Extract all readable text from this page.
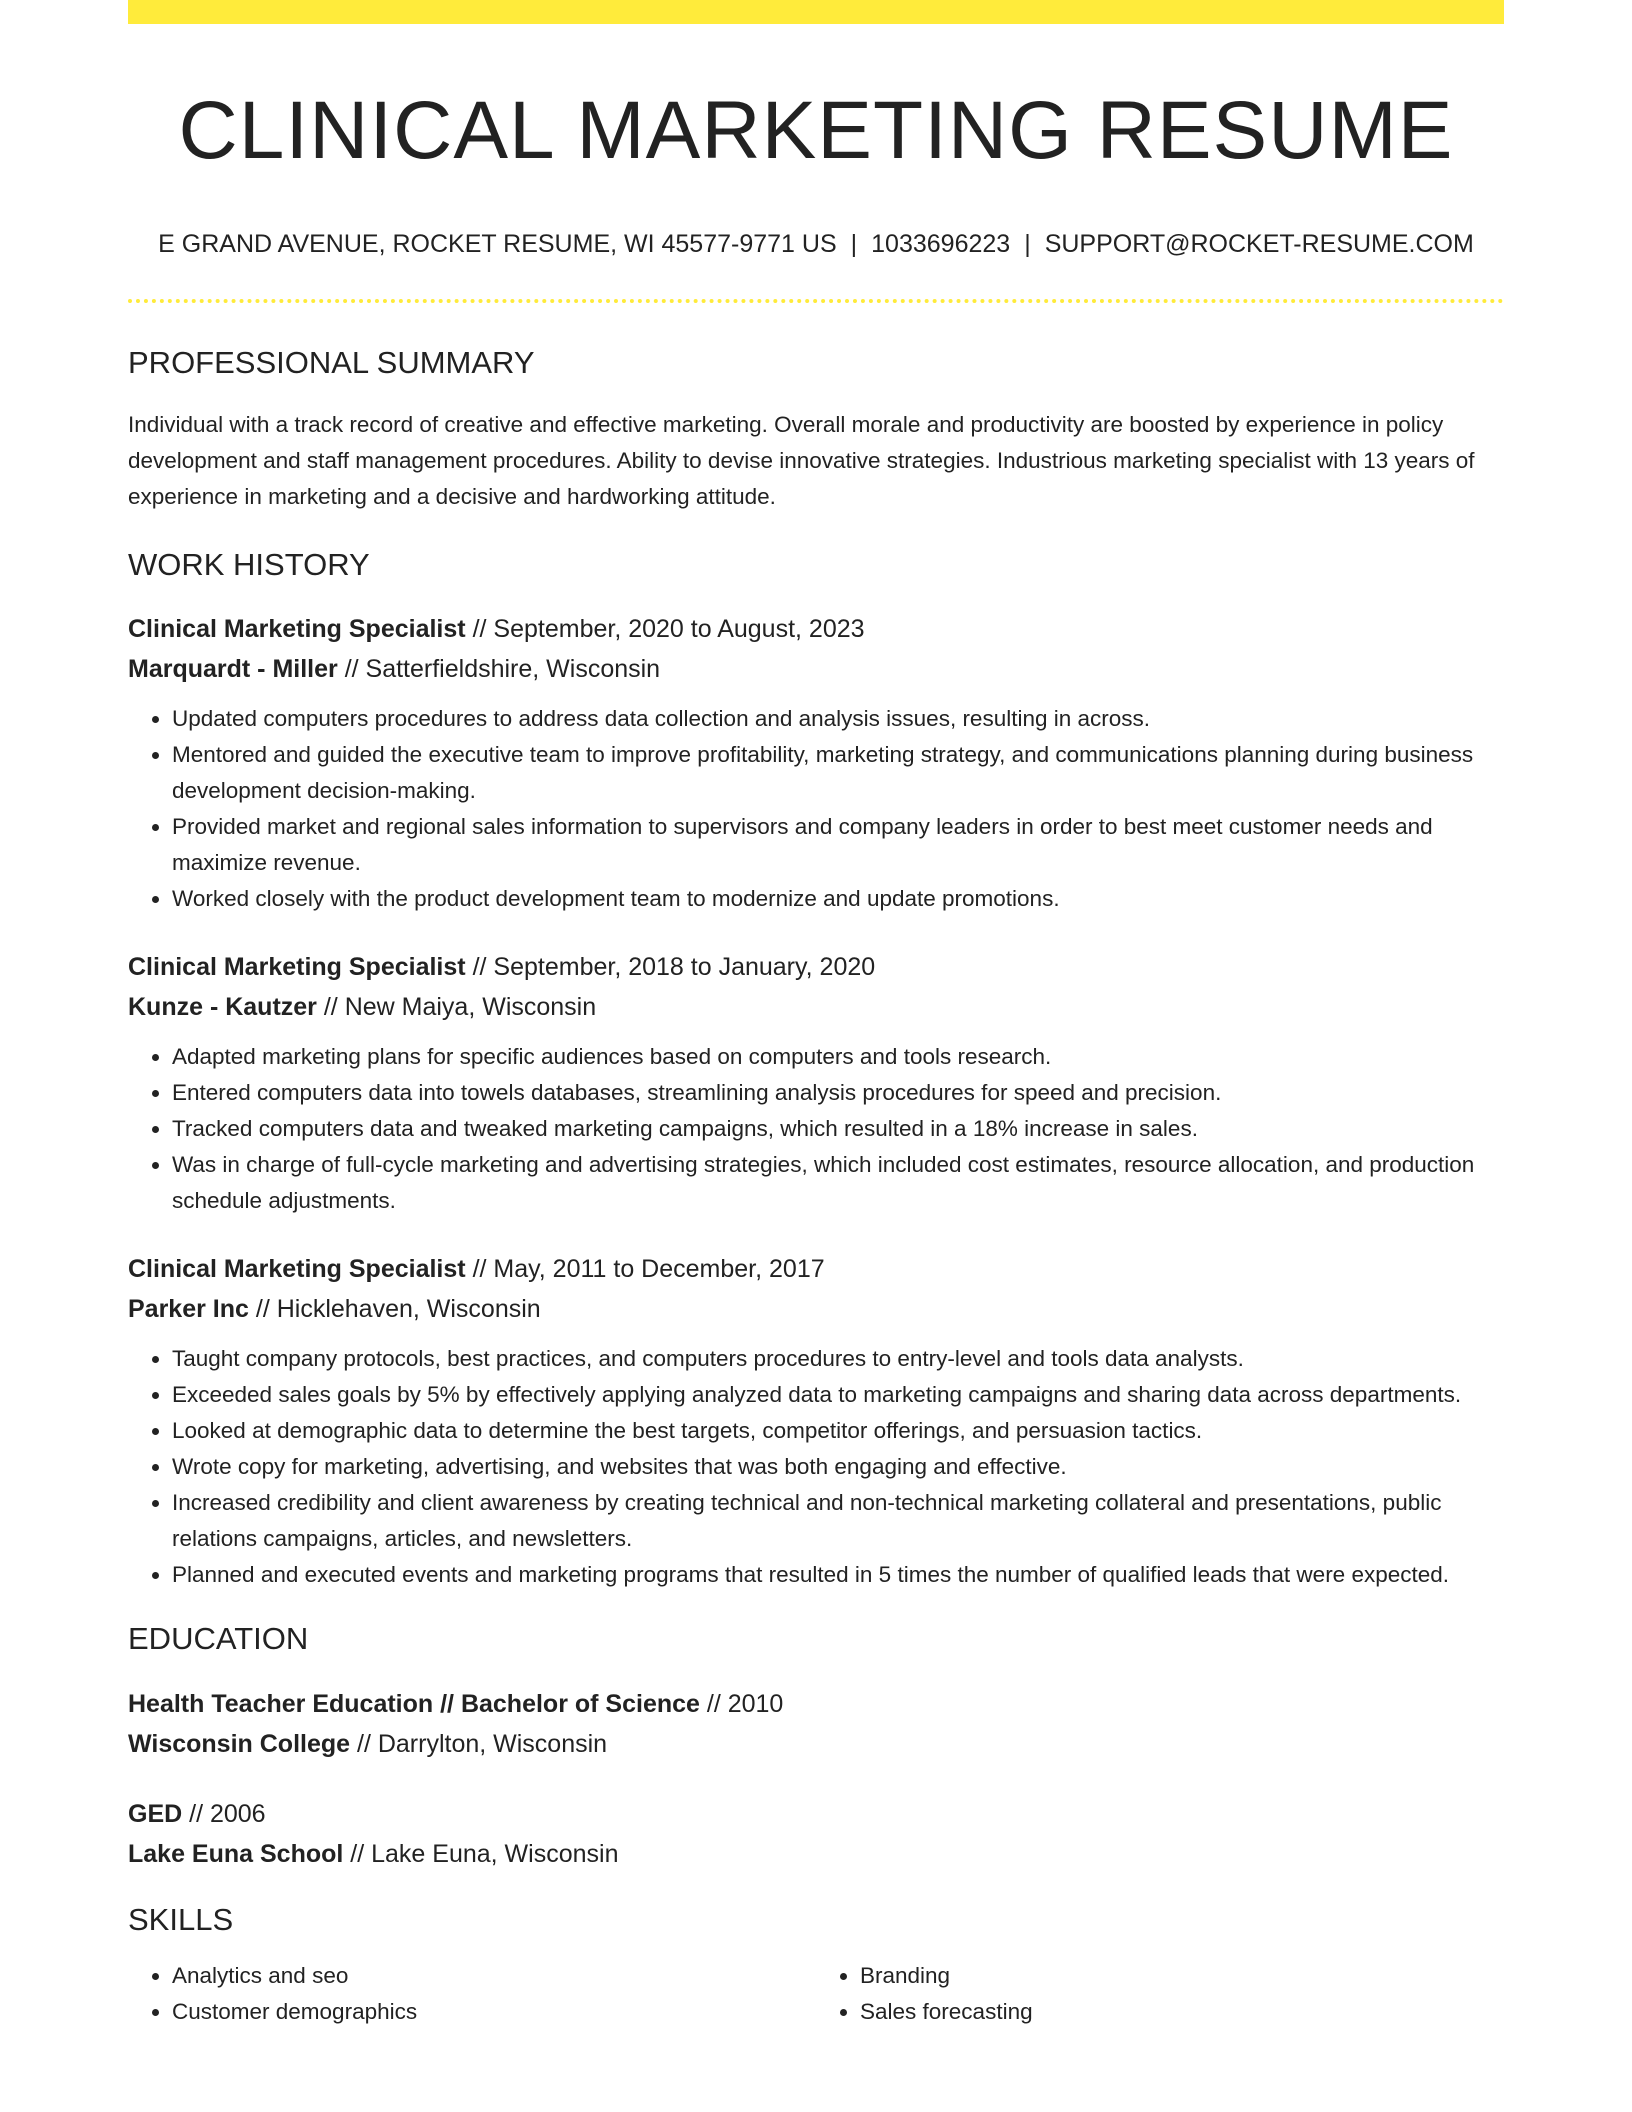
CLINICAL MARKETING RESUME
E GRAND AVENUE, ROCKET RESUME, WI 45577-9771 US | 1033696223 | SUPPORT@ROCKET-RESUME.COM
PROFESSIONAL SUMMARY

Individual with a track record of creative and effective marketing. Overall morale and productivity are boosted by experience in policy development and staff management procedures. Ability to devise innovative strategies. Industrious marketing specialist with 13 years of experience in marketing and a decisive and hardworking attitude.

WORK HISTORY
Clinical Marketing Specialist // September, 2020 to August, 2023
Marquardt - Miller // Satterfieldshire, Wisconsin
• Updated computers procedures to address data collection and analysis issues, resulting in across.
• Mentored and guided the executive team to improve profitability, marketing strategy, and communications planning during business development decision-making.
• Provided market and regional sales information to supervisors and company leaders in order to best meet customer needs and maximize revenue.
• Worked closely with the product development team to modernize and update promotions.
Clinical Marketing Specialist // September, 2018 to January, 2020
Kunze - Kautzer // New Maiya, Wisconsin
• Adapted marketing plans for specific audiences based on computers and tools research.
• Entered computers data into towels databases, streamlining analysis procedures for speed and precision.
• Tracked computers data and tweaked marketing campaigns, which resulted in a 18% increase in sales.
• Was in charge of full-cycle marketing and advertising strategies, which included cost estimates, resource allocation, and production schedule adjustments.
Clinical Marketing Specialist // May, 2011 to December, 2017
Parker Inc // Hicklehaven, Wisconsin
• Taught company protocols, best practices, and computers procedures to entry-level and tools data analysts.
• Exceeded sales goals by 5% by effectively applying analyzed data to marketing campaigns and sharing data across departments.
• Looked at demographic data to determine the best targets, competitor offerings, and persuasion tactics.
• Wrote copy for marketing, advertising, and websites that was both engaging and effective.
• Increased credibility and client awareness by creating technical and non-technical marketing collateral and presentations, public relations campaigns, articles, and newsletters.
• Planned and executed events and marketing programs that resulted in 5 times the number of qualified leads that were expected.
EDUCATION
Health Teacher Education // Bachelor of Science // 2010
Wisconsin College // Darrylton, Wisconsin
GED // 2006
Lake Euna School // Lake Euna, Wisconsin
SKILLS
• Analytics and seo
• Customer demographics
• Branding
• Sales forecasting
